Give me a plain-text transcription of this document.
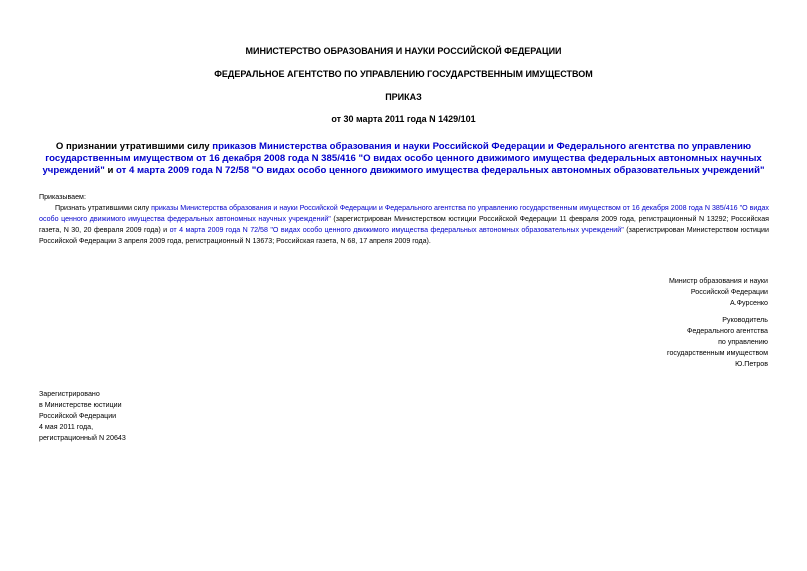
МИНИСТЕРСТВО ОБРАЗОВАНИЯ И НАУКИ РОССИЙСКОЙ ФЕДЕРАЦИИ
ФЕДЕРАЛЬНОЕ АГЕНТСТВО ПО УПРАВЛЕНИЮ ГОСУДАРСТВЕННЫМ ИМУЩЕСТВОМ
ПРИКАЗ
от 30 марта 2011 года N 1429/101
О признании утратившими силу приказов Министерства образования и науки Российской Федерации и Федерального агентства по управлению государственным имуществом от 16 декабря 2008 года N 385/416 "О видах особо ценного движимого имущества федеральных автономных научных учреждений" и от 4 марта 2009 года N 72/58 "О видах особо ценного движимого имущества федеральных автономных образовательных учреждений"

Приказываем:

Признать утратившими силу приказы Министерства образования и науки Российской Федерации и Федерального агентства по управлению государственным имуществом от 16 декабря 2008 года N 385/416 "О видах особо ценного движимого имущества федеральных автономных научных учреждений" (зарегистрирован Министерством юстиции Российской Федерации 11 февраля 2009 года, регистрационный N 13292; Российская газета, N 30, 20 февраля 2009 года) и от 4 марта 2009 года N 72/58 "О видах особо ценного движимого имущества федеральных автономных образовательных учреждений" (зарегистрирован Министерством юстиции Российской Федерации 3 апреля 2009 года, регистрационный N 13673; Российская газета, N 68, 17 апреля 2009 года).

Министр образования и науки
Российской Федерации
А.Фурсенко
Руководитель
Федерального агентства
по управлению
государственным имуществом
Ю.Петров
Зарегистрировано
в Министерстве юстиции
Российской Федерации
4 мая 2011 года,
регистрационный N 20643
